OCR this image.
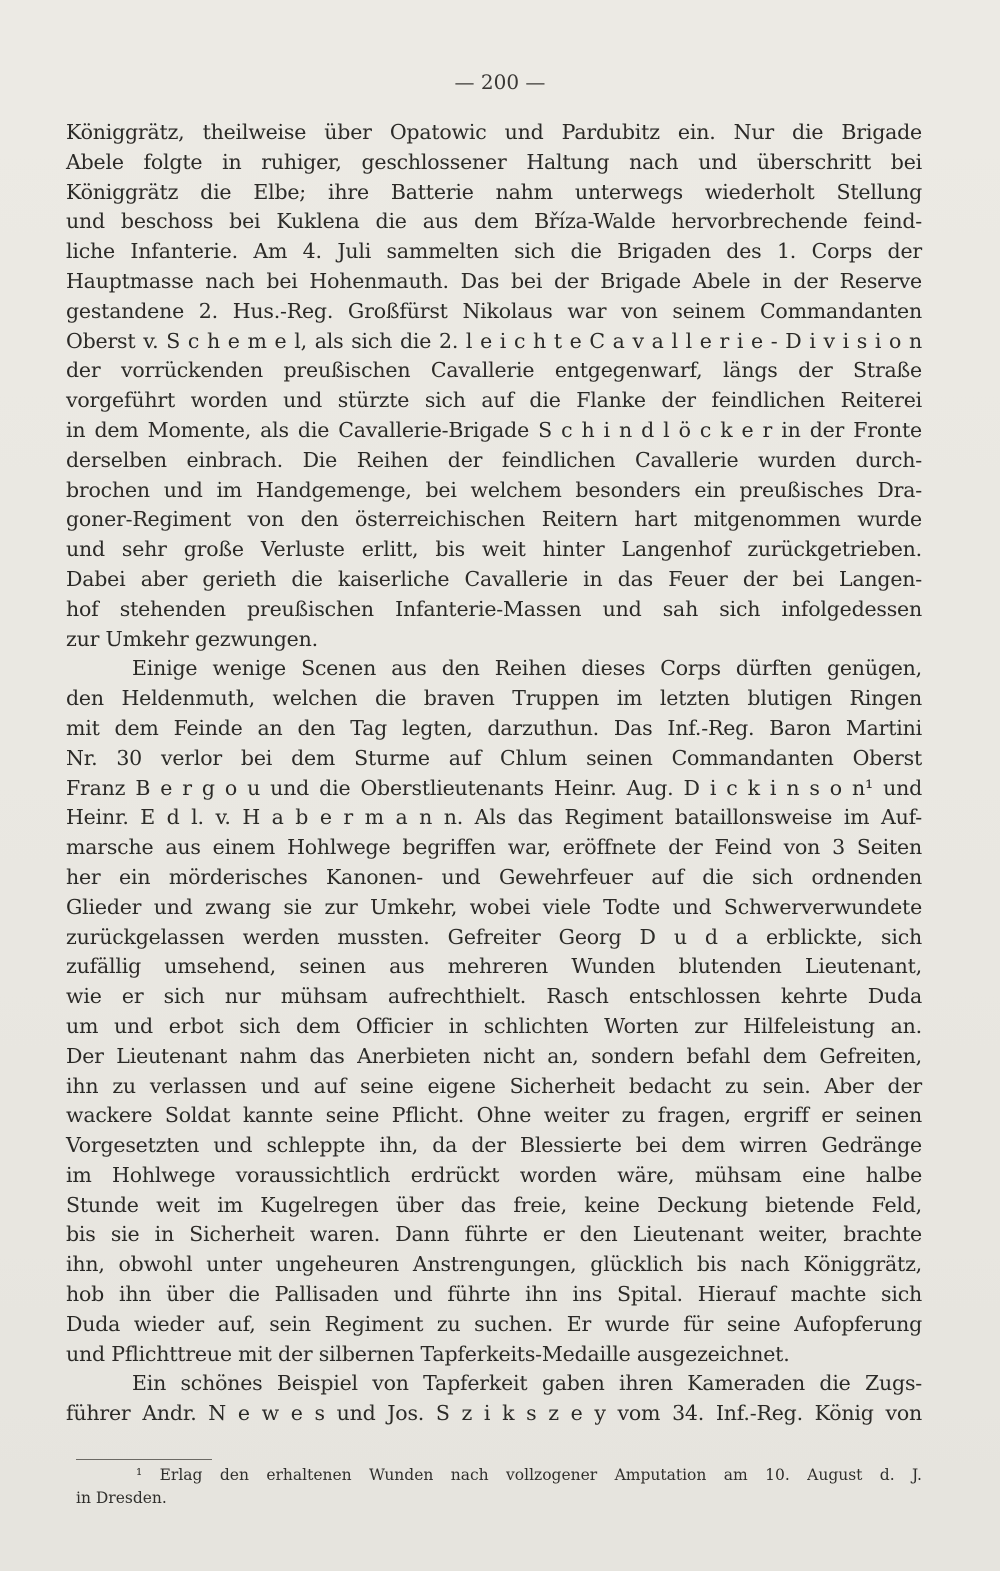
— 200 —
Königgrätz, theilweise über Opatowic und Pardubitz ein. Nur die Brigade
Abele folgte in ruhiger, geschlossener Haltung nach und überschritt bei
Königgrätz die Elbe; ihre Batterie nahm unterwegs wiederholt Stellung
und beschoss bei Kuklena die aus dem Bříza-Walde hervorbrechende feind-
liche Infanterie. Am 4. Juli sammelten sich die Brigaden des 1. Corps der
Hauptmasse nach bei Hohenmauth. Das bei der Brigade Abele in der Reserve
gestandene 2. Hus.-Reg. Großfürst Nikolaus war von seinem Commandanten
Oberst v. S c h e m e l, als sich die 2. l e i c h t e C a v a l l e r i e - D i v i s i o n
der vorrückenden preußischen Cavallerie entgegenwarf, längs der Straße
vorgeführt worden und stürzte sich auf die Flanke der feindlichen Reiterei
in dem Momente, als die Cavallerie-Brigade S c h i n d l ö c k e r in der Fronte
derselben einbrach. Die Reihen der feindlichen Cavallerie wurden durch-
brochen und im Handgemenge, bei welchem besonders ein preußisches Dra-
goner-Regiment von den österreichischen Reitern hart mitgenommen wurde
und sehr große Verluste erlitt, bis weit hinter Langenhof zurückgetrieben.
Dabei aber gerieth die kaiserliche Cavallerie in das Feuer der bei Langen-
hof stehenden preußischen Infanterie-Massen und sah sich infolgedessen
zur Umkehr gezwungen.
Einige wenige Scenen aus den Reihen dieses Corps dürften genügen,
den Heldenmuth, welchen die braven Truppen im letzten blutigen Ringen
mit dem Feinde an den Tag legten, darzuthun. Das Inf.-Reg. Baron Martini
Nr. 30 verlor bei dem Sturme auf Chlum seinen Commandanten Oberst
Franz B e r g o u und die Oberstlieutenants Heinr. Aug. D i c k i n s o n¹ und
Heinr. E d l. v. H a b e r m a n n. Als das Regiment bataillonsweise im Auf-
marsche aus einem Hohlwege begriffen war, eröffnete der Feind von 3 Seiten
her ein mörderisches Kanonen- und Gewehrfeuer auf die sich ordnenden
Glieder und zwang sie zur Umkehr, wobei viele Todte und Schwerverwundete
zurückgelassen werden mussten. Gefreiter Georg D u d a erblickte, sich
zufällig umsehend, seinen aus mehreren Wunden blutenden Lieutenant,
wie er sich nur mühsam aufrechthielt. Rasch entschlossen kehrte Duda
um und erbot sich dem Officier in schlichten Worten zur Hilfeleistung an.
Der Lieutenant nahm das Anerbieten nicht an, sondern befahl dem Gefreiten,
ihn zu verlassen und auf seine eigene Sicherheit bedacht zu sein. Aber der
wackere Soldat kannte seine Pflicht. Ohne weiter zu fragen, ergriff er seinen
Vorgesetzten und schleppte ihn, da der Blessierte bei dem wirren Gedränge
im Hohlwege voraussichtlich erdrückt worden wäre, mühsam eine halbe
Stunde weit im Kugelregen über das freie, keine Deckung bietende Feld,
bis sie in Sicherheit waren. Dann führte er den Lieutenant weiter, brachte
ihn, obwohl unter ungeheuren Anstrengungen, glücklich bis nach Königgrätz,
hob ihn über die Pallisaden und führte ihn ins Spital. Hierauf machte sich
Duda wieder auf, sein Regiment zu suchen. Er wurde für seine Aufopferung
und Pflichttreue mit der silbernen Tapferkeits-Medaille ausgezeichnet.
Ein schönes Beispiel von Tapferkeit gaben ihren Kameraden die Zugs-
führer Andr. N e w e s und Jos. S z i k s z e y vom 34. Inf.-Reg. König von
¹ Erlag den erhaltenen Wunden nach vollzogener Amputation am 10. August d. J.
in Dresden.
